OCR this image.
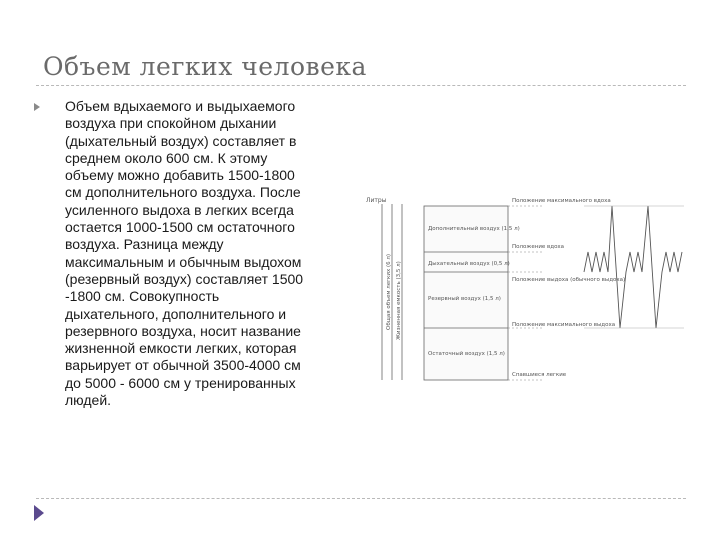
Объем легких человека
Объем вдыхаемого и выдыхаемого
воздуха при спокойном дыхании
(дыхательный воздух) составляет в
среднем около 600 см. К этому
объему можно добавить 1500-1800
см дополнительного воздуха. После
усиленного выдоха в легких всегда
остается 1000-1500 см остаточного
воздуха. Разница между
максимальным и обычным выдохом
(резервный воздух) составляет 1500
-1800 см. Совокупность
дыхательного, дополнительного и
резервного воздуха, носит название
жизненной емкости легких, которая
варьирует от обычной 3500-4000 см
до 5000 - 6000 см у тренированных
людей.
Литры
Общая объем легких (6 л) Жизненная емкость (3,5 л)
Дополнительный воздух (1,5 л)
Дыхательный воздух (0,5 л)
Резервный воздух (1,5 л)
Остаточный воздух (1,5 л)
Положение максимального вдоха
Положение вдоха
Положение выдоха (обычного выдоха)
Положение максимального выдоха
Спавшиеся легкие
